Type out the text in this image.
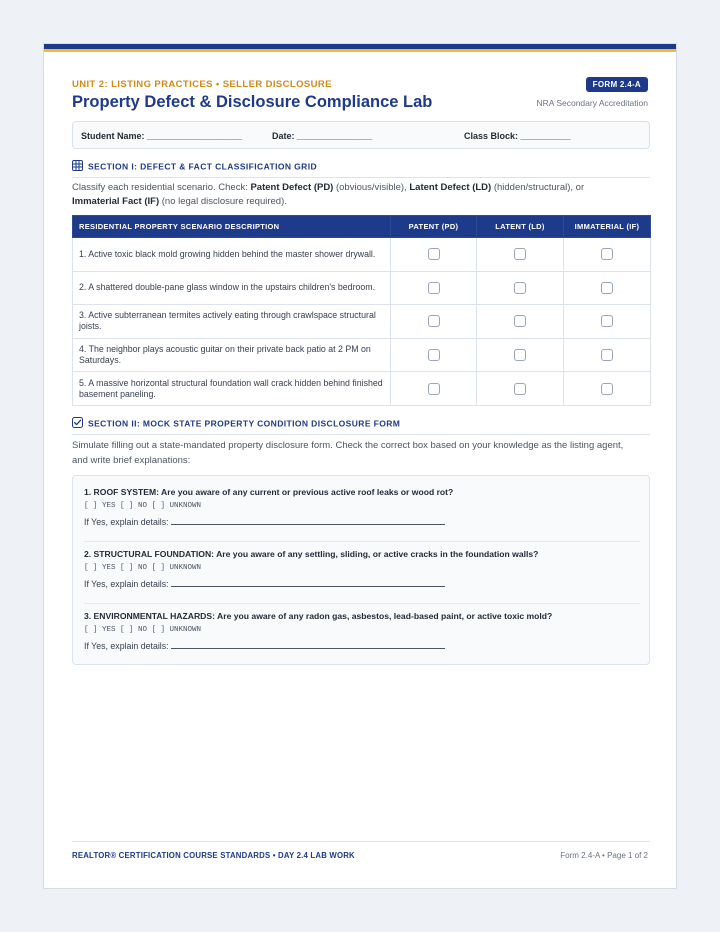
UNIT 2: LISTING PRACTICES • SELLER DISCLOSURE
Property Defect & Disclosure Compliance Lab
FORM 2.4-A
NRA Secondary Accreditation
Student Name: ___________________	Date: _______________	Class Block: __________
SECTION I: DEFECT & FACT CLASSIFICATION GRID
Classify each residential scenario. Check: Patent Defect (PD) (obvious/visible), Latent Defect (LD) (hidden/structural), or Immaterial Fact (IF) (no legal disclosure required).
RESIDENTIAL PROPERTY SCENARIO DESCRIPTION	PATENT (PD)	LATENT (LD)	IMMATERIAL (IF)
1. Active toxic black mold growing hidden behind the master shower drywall.			
2. A shattered double-pane glass window in the upstairs children's bedroom.			
3. Active subterranean termites actively eating through crawlspace structural joists.			
4. The neighbor plays acoustic guitar on their private back patio at 2 PM on Saturdays.			
5. A massive horizontal structural foundation wall crack hidden behind finished basement paneling.			
SECTION II: MOCK STATE PROPERTY CONDITION DISCLOSURE FORM
Simulate filling out a state-mandated property disclosure form. Check the correct box based on your knowledge as the listing agent, and write brief explanations:
1. ROOF SYSTEM: Are you aware of any current or previous active roof leaks or wood rot?
[ ] YES [ ] NO [ ] UNKNOWN
If Yes, explain details:
2. STRUCTURAL FOUNDATION: Are you aware of any settling, sliding, or active cracks in the foundation walls?
[ ] YES [ ] NO [ ] UNKNOWN
If Yes, explain details:
3. ENVIRONMENTAL HAZARDS: Are you aware of any radon gas, asbestos, lead-based paint, or active toxic mold?
[ ] YES [ ] NO [ ] UNKNOWN
If Yes, explain details:
REALTOR® CERTIFICATION COURSE STANDARDS • DAY 2.4 LAB WORK	Form 2.4-A • Page 1 of 2
